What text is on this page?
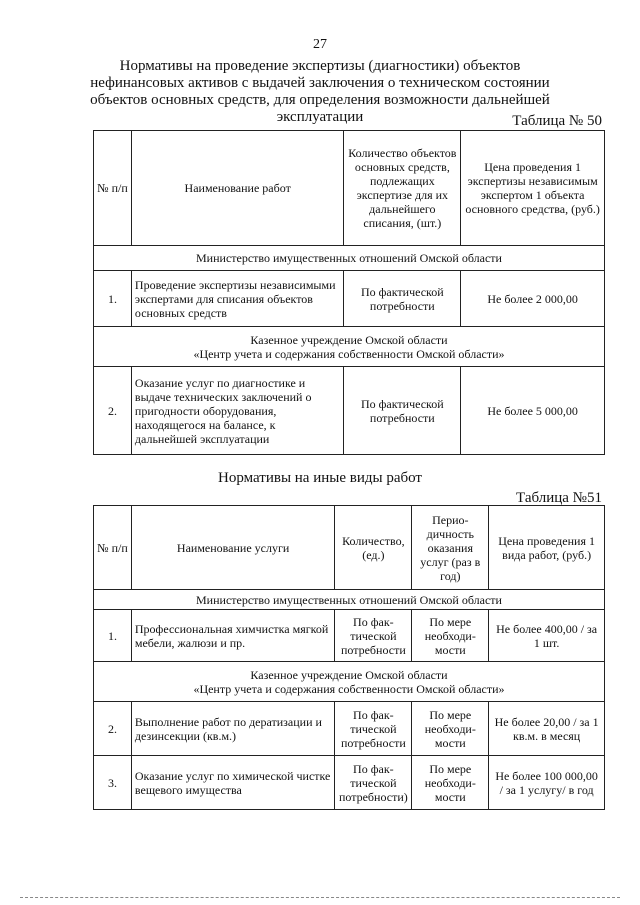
27
Нормативы на проведение экспертизы (диагностики) объектов нефинансовых активов с выдачей заключения о техническом состоянии объектов основных средств, для определения возможности дальнейшей эксплуатации	Таблица № 50
№ п/п	Наименование работ	Количество объектов основных средств, подлежащих экспертизе для их дальнейшего списания, (шт.)	Цена проведения 1 экспертизы независимым экспертом 1 объекта основного средства, (руб.)
Министерство имущественных отношений Омской области			
1.	Проведение экспертизы независимыми экспертами для списания объектов основных средств	По фактической потребности	Не более 2 000,00

Казенное учреждение Омской области
«Центр учета и содержания собственности Омской области»			

2.	Оказание услуг по диагностике и выдаче технических заключений о пригодности оборудования, находящегося на балансе, к дальнейшей эксплуатации	По фактической потребности	Не более 5 000,00
Нормативы на иные виды работ
Таблица №51
№ п/п	Наименование услуги	Количество, (ед.)	Перио-дичность оказания услуг (раз в год)	Цена проведения 1 вида работ, (руб.)
Министерство имущественных отношений Омской области				
1.	Профессиональная химчистка мягкой мебели, жалюзи и пр.	По фак-тической потребности	По мере необходи-мости	Не более 400,00 / за 1 шт.

Казенное учреждение Омской области
«Центр учета и содержания собственности Омской области»				

2.	Выполнение работ по дератизации и дезинсекции (кв.м.)	По фак-тической потребности	По мере необходи-мости	Не более 20,00 / за 1 кв.м. в месяц
3.	Оказание услуг по химической чистке вещевого имущества	По фак-тической потребности)	По мере необходи-мости	Не более 100 000,00 / за 1 услугу/ в год
